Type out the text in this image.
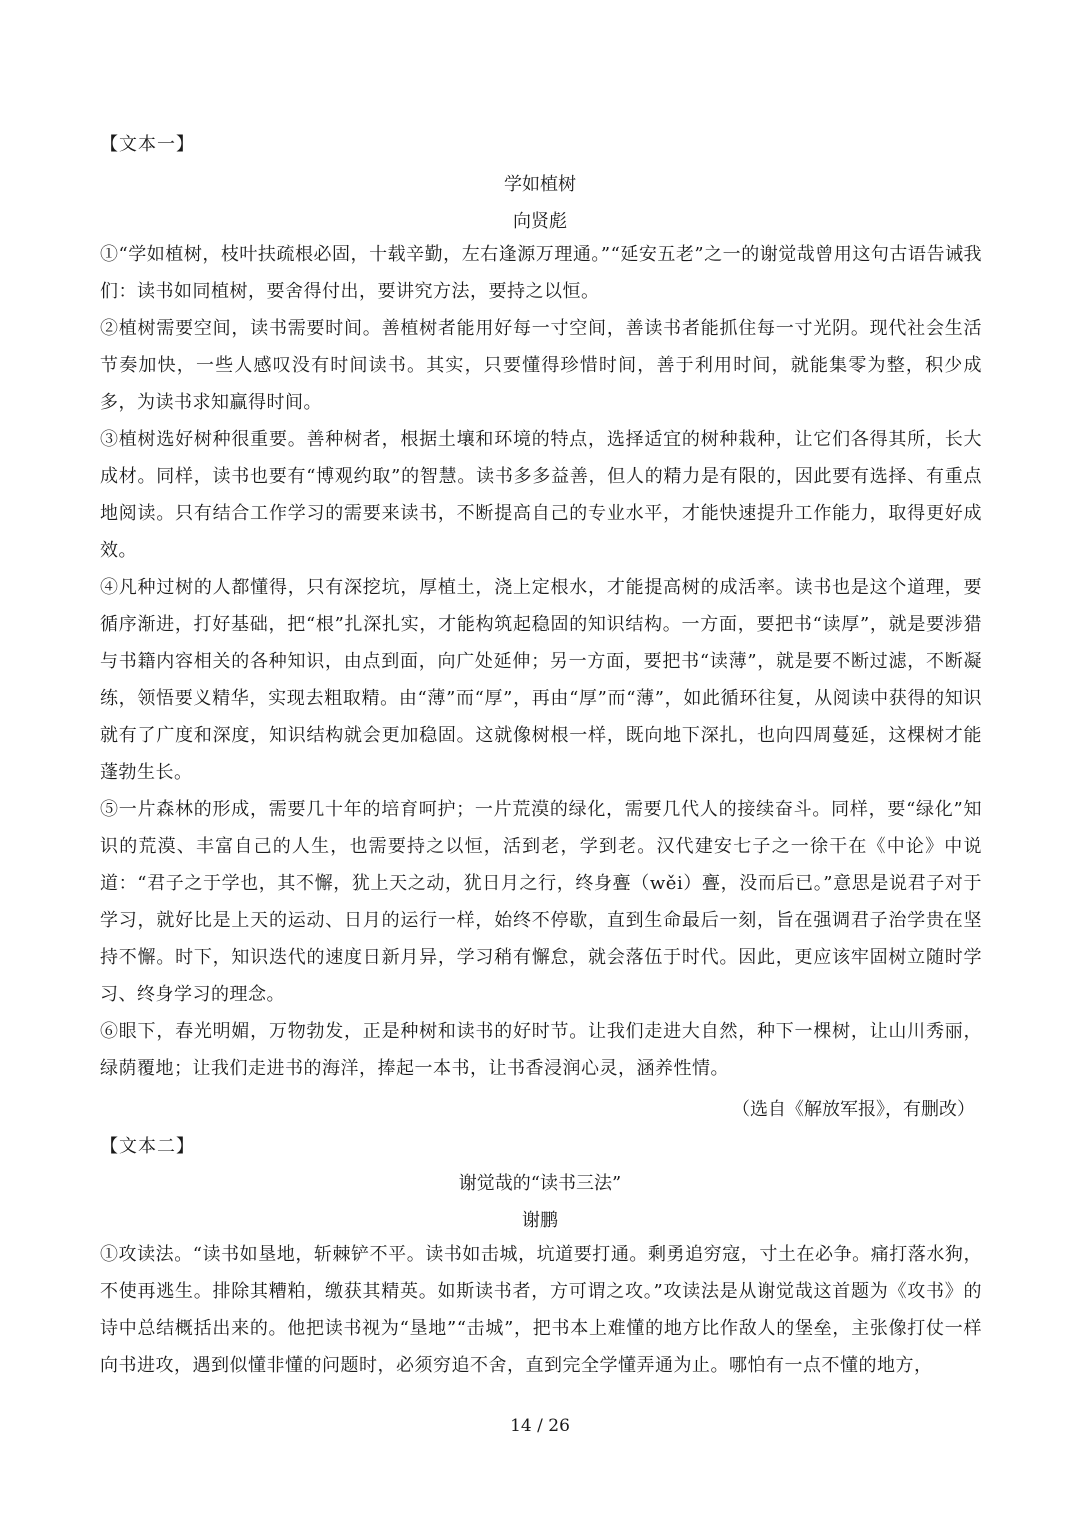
【文本一】
学如植树
向贤彪

①“学如植树，枝叶扶疏根必固，十载辛勤，左右逢源万理通。”“延安五老”之一的谢觉哉曾用这句古语告诫我们：读书如同植树，要舍得付出，要讲究方法，要持之以恒。

②植树需要空间，读书需要时间。善植树者能用好每一寸空间，善读书者能抓住每一寸光阴。现代社会生活节奏加快，一些人感叹没有时间读书。其实，只要懂得珍惜时间，善于利用时间，就能集零为整，积少成多，为读书求知赢得时间。

③植树选好树种很重要。善种树者，根据土壤和环境的特点，选择适宜的树种栽种，让它们各得其所，长大成材。同样，读书也要有“博观约取”的智慧。读书多多益善，但人的精力是有限的，因此要有选择、有重点地阅读。只有结合工作学习的需要来读书，不断提高自己的专业水平，才能快速提升工作能力，取得更好成效。

④凡种过树的人都懂得，只有深挖坑，厚植土，浇上定根水，才能提高树的成活率。读书也是这个道理，要循序渐进，打好基础，把“根”扎深扎实，才能构筑起稳固的知识结构。一方面，要把书“读厚”，就是要涉猎与书籍内容相关的各种知识，由点到面，向广处延伸；另一方面，要把书“读薄”，就是要不断过滤，不断凝练，领悟要义精华，实现去粗取精。由“薄”而“厚”，再由“厚”而“薄”，如此循环往复，从阅读中获得的知识就有了广度和深度，知识结构就会更加稳固。这就像树根一样，既向地下深扎，也向四周蔓延，这棵树才能蓬勃生长。

⑤一片森林的形成，需要几十年的培育呵护；一片荒漠的绿化，需要几代人的接续奋斗。同样，要“绿化”知识的荒漠、丰富自己的人生，也需要持之以恒，活到老，学到老。汉代建安七子之一徐干在《中论》中说道：“君子之于学也，其不懈，犹上天之动，犹日月之行，终身亹（wěi）亹，没而后已。”意思是说君子对于学习，就好比是上天的运动、日月的运行一样，始终不停歇，直到生命最后一刻，旨在强调君子治学贵在坚持不懈。时下，知识迭代的速度日新月异，学习稍有懈怠，就会落伍于时代。因此，更应该牢固树立随时学习、终身学习的理念。

⑥眼下，春光明媚，万物勃发，正是种树和读书的好时节。让我们走进大自然，种下一棵树，让山川秀丽，绿荫覆地；让我们走进书的海洋，捧起一本书，让书香浸润心灵，涵养性情。

（选自《解放军报》，有删改）
【文本二】
谢觉哉的“读书三法”
谢鹏

①攻读法。“读书如垦地，斩棘铲不平。读书如击城，坑道要打通。剩勇追穷寇，寸土在必争。痛打落水狗，不使再逃生。排除其糟粕，缴获其精英。如斯读书者，方可谓之攻。”攻读法是从谢觉哉这首题为《攻书》的诗中总结概括出来的。他把读书视为“垦地”“击城”，把书本上难懂的地方比作敌人的堡垒，主张像打仗一样向书进攻，遇到似懂非懂的问题时，必须穷追不舍，直到完全学懂弄通为止。哪怕有一点不懂的地方，

14 / 26
